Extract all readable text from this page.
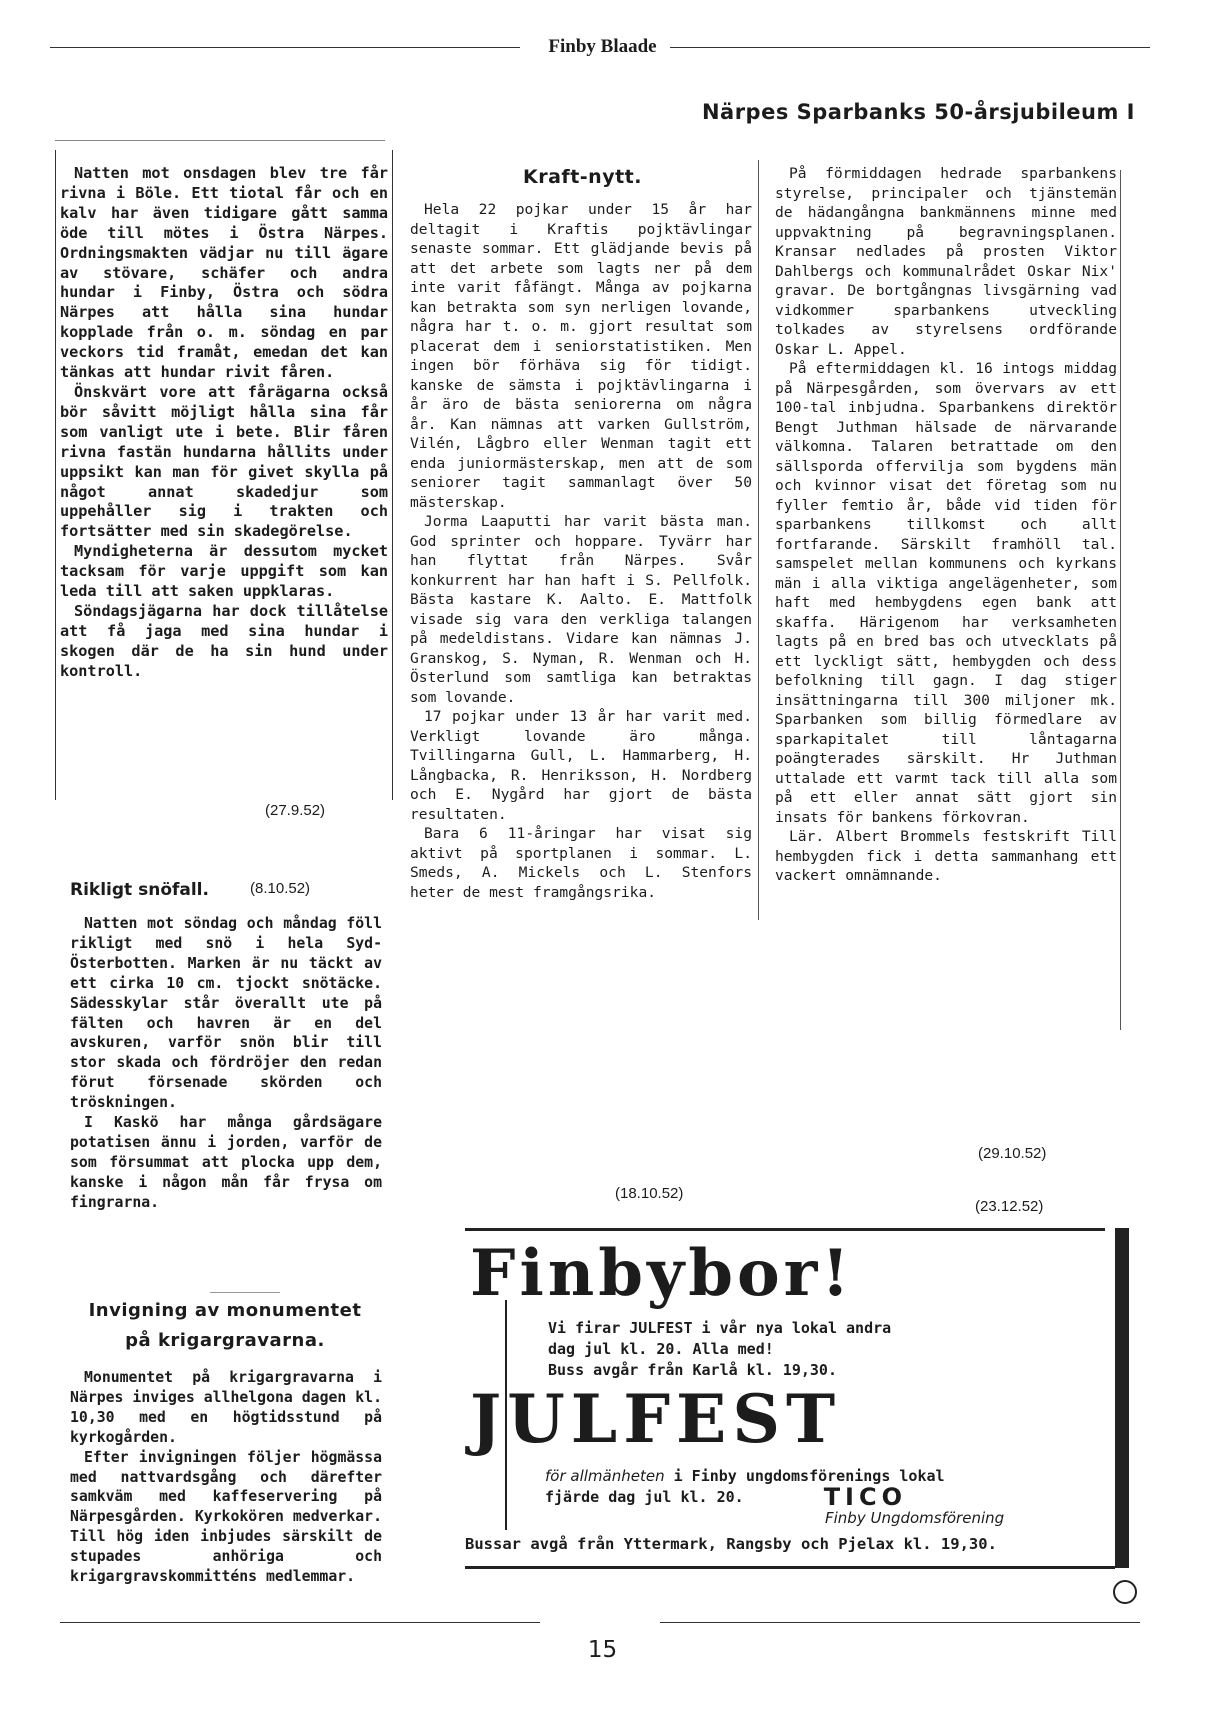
Finby Blaade
Närpes Sparbanks 50-årsjubileum I

Natten mot onsdagen blev tre får rivna i Böle. Ett tiotal får och en kalv har även tidigare gått samma öde till mötes i Östra Närpes. Ordningsmakten vädjar nu till ägare av stövare, schäfer och andra hundar i Finby, Östra och södra Närpes att hålla sina hundar kopplade från o. m. söndag en par veckors tid framåt, emedan det kan tänkas att hundar rivit fåren.

Önskvärt vore att fårägarna också bör såvitt möjligt hålla sina får som vanligt ute i bete. Blir fåren rivna fastän hundarna hållits under uppsikt kan man för givet skylla på något annat skadedjur som uppehåller sig i trakten och fortsätter med sin skadegörelse.

Myndigheterna är dessutom mycket tacksam för varje uppgift som kan leda till att saken uppklaras.

Söndagsjägarna har dock tillåtelse att få jaga med sina hundar i skogen där de ha sin hund under kontroll.

(27.9.52)
Rikligt snöfall.	(8.10.52)

Natten mot söndag och måndag föll rikligt med snö i hela Syd-Österbotten. Marken är nu täckt av ett cirka 10 cm. tjockt snötäcke. Sädesskylar står överallt ute på fälten och havren är en del avskuren, varför snön blir till stor skada och fördröjer den redan förut försenade skörden och tröskningen.

I Kaskö har många gårdsägare potatisen ännu i jorden, varför de som försummat att plocka upp dem, kanske i någon mån får frysa om fingrarna.

Invigning av monumentet
på krigargravarna.

Monumentet på krigargravarna i Närpes inviges allhelgona dagen kl. 10,30 med en högtidsstund på kyrkogården.

Efter invigningen följer högmässa med nattvardsgång och därefter samkväm med kaffeservering på Närpesgården. Kyrkokören medverkar. Till hög iden inbjudes särskilt de stupades anhöriga och krigargravskommitténs medlemmar.

Kraft-nytt.

Hela 22 pojkar under 15 år har deltagit i Kraftis pojktävlingar senaste sommar. Ett glädjande bevis på att det arbete som lagts ner på dem inte varit fåfängt. Många av pojkarna kan betrakta som syn nerligen lovande, några har t. o. m. gjort resultat som placerat dem i seniorstatistiken. Men ingen bör förhäva sig för tidigt. kanske de sämsta i pojktävlingarna i år äro de bästa seniorerna om några år. Kan nämnas att varken Gullström, Vilén, Lågbro eller Wenman tagit ett enda juniormästerskap, men att de som seniorer tagit sammanlagt över 50 mästerskap.

Jorma Laaputti har varit bästa man. God sprinter och hoppare. Tyvärr har han flyttat från Närpes. Svår konkurrent har han haft i S. Pellfolk. Bästa kastare K. Aalto. E. Mattfolk visade sig vara den verkliga talangen på medeldistans. Vidare kan nämnas J. Granskog, S. Nyman, R. Wenman och H. Österlund som samtliga kan betraktas som lovande.

17 pojkar under 13 år har varit med. Verkligt lovande äro många. Tvillingarna Gull, L. Hammarberg, H. Långbacka, R. Henriksson, H. Nordberg och E. Nygård har gjort de bästa resultaten.

Bara 6 11-åringar har visat sig aktivt på sportplanen i sommar. L. Smeds, A. Mickels och L. Stenfors heter de mest framgångsrika.

(18.10.52)

På förmiddagen hedrade sparbankens styrelse, principaler och tjänstemän de hädangångna bankmännens minne med uppvaktning på begravningsplanen. Kransar nedlades på prosten Viktor Dahlbergs och kommunalrådet Oskar Nix' gravar. De bortgångnas livsgärning vad vidkommer sparbankens utveckling tolkades av styrelsens ordförande Oskar L. Appel.

På eftermiddagen kl. 16 intogs middag på Närpesgården, som övervars av ett 100-tal inbjudna. Sparbankens direktör Bengt Juthman hälsade de närvarande välkomna. Talaren betrattade om den sällsporda offervilja som bygdens män och kvinnor visat det företag som nu fyller femtio år, både vid tiden för sparbankens tillkomst och allt fortfarande. Särskilt framhöll tal. samspelet mellan kommunens och kyrkans män i alla viktiga angelägenheter, som haft med hembygdens egen bank att skaffa. Härigenom har verksamheten lagts på en bred bas och utvecklats på ett lyckligt sätt, hembygden och dess befolkning till gagn. I dag stiger insättningarna till 300 miljoner mk. Sparbanken som billig förmedlare av sparkapitalet till låntagarna poängterades särskilt. Hr Juthman uttalade ett varmt tack till alla som på ett eller annat sätt gjort sin insats för bankens förkovran.

Lär. Albert Brommels festskrift Till hembygden fick i detta sammanhang ett vackert omnämnande.

(29.10.52)
(23.12.52)
Finbybor!
Vi firar JULFEST i vår nya lokal andra
dag jul kl. 20. Alla med!
Buss avgår från Karlå kl. 19,30.
JULFEST
för allmänheten i Finby ungdomsförenings lokal
fjärde dag jul kl. 20.	TICO
Finby Ungdomsförening
Bussar avgå från Yttermark, Rangsby och Pjelax kl. 19,30.
15
